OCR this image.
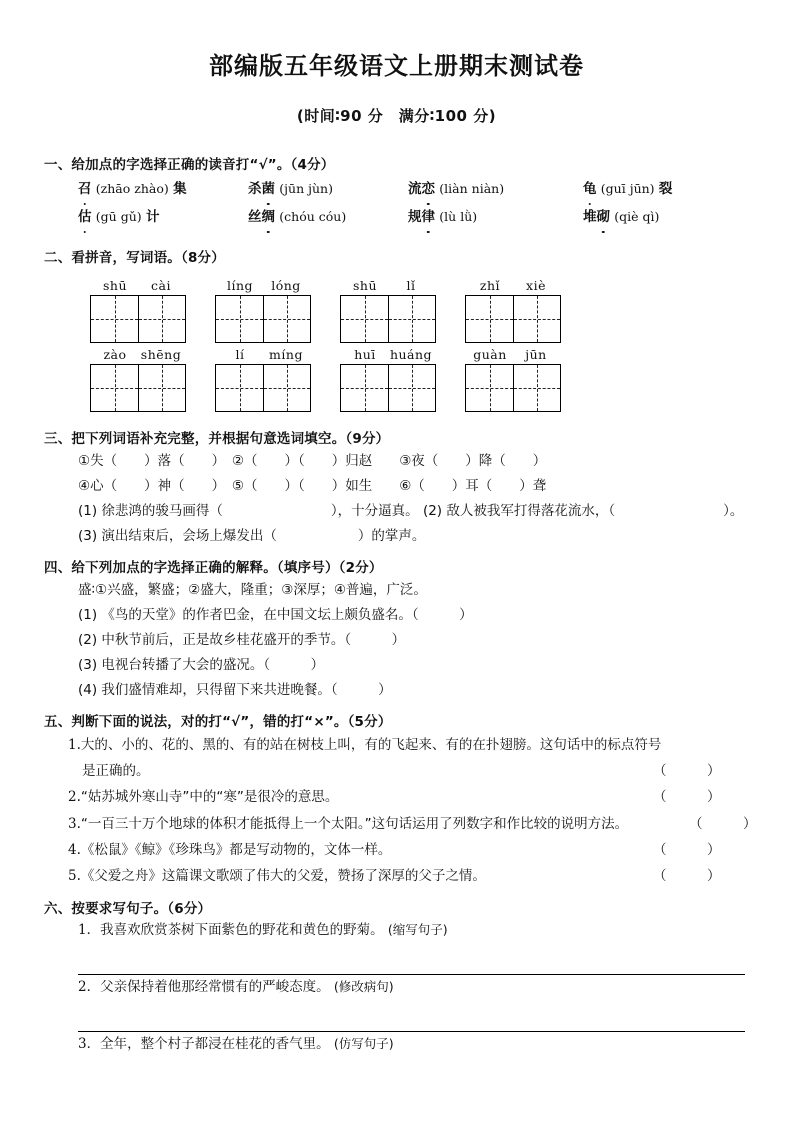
部编版五年级语文上册期末测试卷
(时间∶90 分　满分∶100 分)
一、给加点的字选择正确的读音打“√”。（4分）
召 (zhāo zhào) 集	杀菌 (jūn jùn)	流恋 (liàn niàn)	龟 (guī jūn) 裂
估 (gū gǔ) 计	丝绸 (chóu cóu)	规律 (lù lǜ)	堆砌 (qiè qì)
二、看拼音，写词语。（8分）
shū cài	líng lóng	shū lǐ	zhǐ xiè
zào shēng	lí míng	huī huáng	guàn jūn
三、把下列词语补充完整，并根据句意选词填空。（9分）
①失（　　）落（　　）　②（　　）（　　）归赵　　③夜（　　）降（　　）
④心（　　）神（　　）　⑤（　　）（　　）如生　　⑥（　　）耳（　　）聋
(1) 徐悲鸿的骏马画得（　　　　　　　　），十分逼真。 (2) 敌人被我军打得落花流水，（　　　　　　　　）。
(3) 演出结束后，会场上爆发出（　　　　　　）的掌声。
四、给下列加点的字选择正确的解释。（填序号）（2分）
盛∶①兴盛，繁盛；②盛大，隆重；③深厚；④普遍，广泛。
(1) 《鸟的天堂》的作者巴金，在中国文坛上颇负盛名。（　　　）
(2) 中秋节前后，正是故乡桂花盛开的季节。（　　　）
(3) 电视台转播了大会的盛况。（　　　）
(4) 我们盛情难却，只得留下来共进晚餐。（　　　）
五、判断下面的说法，对的打“√”，错的打“×”。（5分）
1.大的、小的、花的、黑的、有的站在树枝上叫，有的飞起来、有的在扑翅膀。这句话中的标点符号
是正确的。	（　　　）
2.“姑苏城外寒山寺”中的“寒”是很冷的意思。	（　　　）
3.“一百三十万个地球的体积才能抵得上一个太阳。”这句话运用了列数字和作比较的说明方法。	（　　　）
4.《松鼠》《鲸》《珍珠鸟》都是写动物的，文体一样。	（　　　）
5.《父爱之舟》这篇课文歌颂了伟大的父爱，赞扬了深厚的父子之情。	（　　　）
六、按要求写句子。（6分）
1．我喜欢欣赏茶树下面紫色的野花和黄色的野菊。 (缩写句子)
2．父亲保持着他那经常惯有的严峻态度。 (修改病句)
3．全年，整个村子都浸在桂花的香气里。 (仿写句子)
